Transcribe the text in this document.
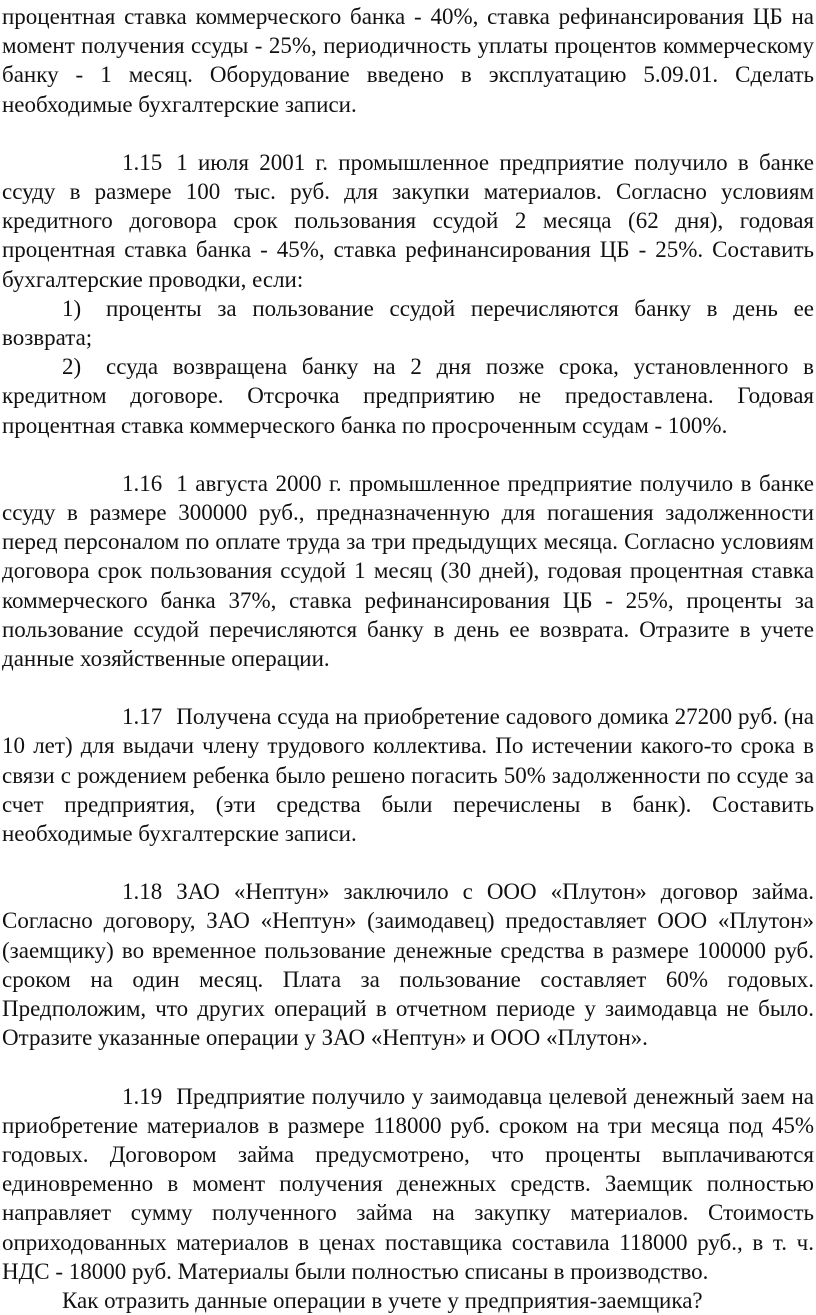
процентная ставка коммерческого банка - 40%, ставка рефинансирования ЦБ на момент получения ссуды - 25%, периодичность уплаты процентов коммерческому банку - 1 месяц. Оборудование введено в эксплуатацию 5.09.01. Сделать необходимые бухгалтерские записи.

1.15 1 июля 2001 г. промышленное предприятие получило в банке ссуду в размере 100 тыс. руб. для закупки материалов. Согласно условиям кредитного договора срок пользования ссудой 2 месяца (62 дня), годовая процентная ставка банка - 45%, ставка рефинансирования ЦБ - 25%. Составить бухгалтерские проводки, если:

1) проценты за пользование ссудой перечисляются банку в день ее возврата;

2) ссуда возвращена банку на 2 дня позже срока, установленного в кредитном договоре. Отсрочка предприятию не предоставлена. Годовая процентная ставка коммерческого банка по просроченным ссудам - 100%.

1.16 1 августа 2000 г. промышленное предприятие получило в банке ссуду в размере 300000 руб., предназначенную для погашения задолженности перед персоналом по оплате труда за три предыдущих месяца. Согласно условиям договора срок пользования ссудой 1 месяц (30 дней), годовая процентная ставка коммерческого банка 37%, ставка рефинансирования ЦБ - 25%, проценты за пользование ссудой перечисляются банку в день ее возврата. Отразите в учете данные хозяйственные операции.

1.17 Получена ссуда на приобретение садового домика 27200 руб. (на 10 лет) для выдачи члену трудового коллектива. По истечении какого-то срока в связи с рождением ребенка было решено погасить 50% задолженности по ссуде за счет предприятия, (эти средства были перечислены в банк). Составить необходимые бухгалтерские записи.

1.18 ЗАО «Нептун» заключило с ООО «Плутон» договор займа. Согласно договору, ЗАО «Нептун» (заимодавец) предоставляет ООО «Плутон» (заемщику) во временное пользование денежные средства в размере 100000 руб. сроком на один месяц. Плата за пользование составляет 60% годовых. Предположим, что других операций в отчетном периоде у заимодавца не было. Отразите указанные операции у ЗАО «Нептун» и ООО «Плутон».

1.19 Предприятие получило у заимодавца целевой денежный заем на приобретение материалов в размере 118000 руб. сроком на три месяца под 45% годовых. Договором займа предусмотрено, что проценты выплачиваются единовременно в момент получения денежных средств. Заемщик полностью направляет сумму полученного займа на закупку материалов. Стоимость оприходованных материалов в ценах поставщика составила 118000 руб., в т. ч. НДС - 18000 руб. Материалы были полностью списаны в производство.

Как отразить данные операции в учете у предприятия-заемщика?
